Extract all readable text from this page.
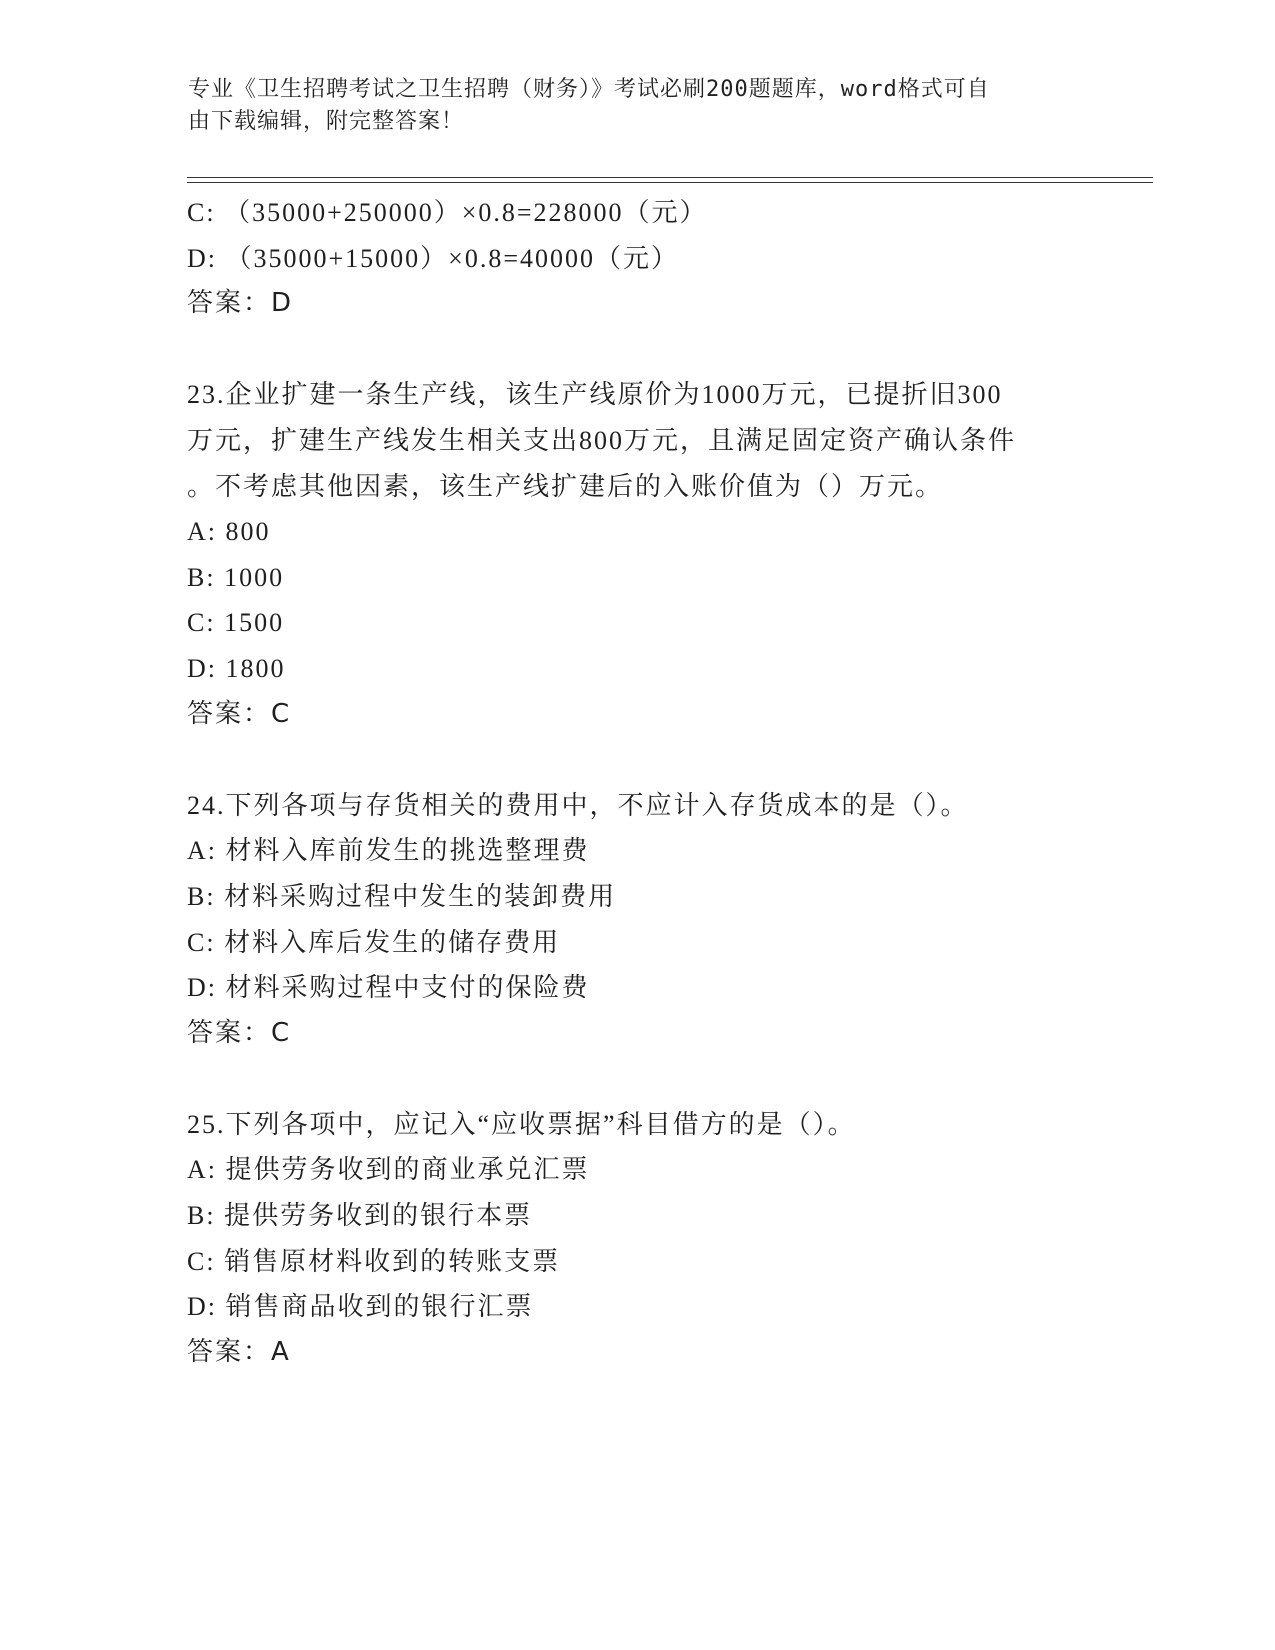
专业《卫生招聘考试之卫生招聘（财务）》考试必刷200题题库，word格式可自
由下载编辑，附完整答案！
C: （35000+250000）×0.8=228000（元）
D: （35000+15000）×0.8=40000（元）
答案：D
23.企业扩建一条生产线，该生产线原价为1000万元，已提折旧300
万元，扩建生产线发生相关支出800万元，且满足固定资产确认条件
。不考虑其他因素，该生产线扩建后的入账价值为（）万元。
A: 800
B: 1000
C: 1500
D: 1800
答案：C
24.下列各项与存货相关的费用中，不应计入存货成本的是（）。
A: 材料入库前发生的挑选整理费
B: 材料采购过程中发生的装卸费用
C: 材料入库后发生的储存费用
D: 材料采购过程中支付的保险费
答案：C
25.下列各项中，应记入“应收票据”科目借方的是（）。
A: 提供劳务收到的商业承兑汇票
B: 提供劳务收到的银行本票
C: 销售原材料收到的转账支票
D: 销售商品收到的银行汇票
答案：A
